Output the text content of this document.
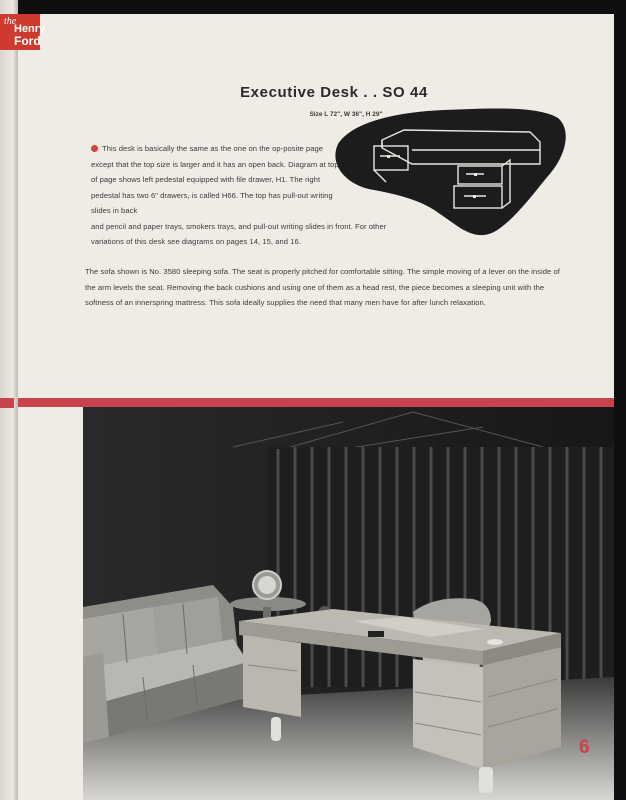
the
Henry
Ford
Executive Desk . . SO 44
Size L 72", W 36", H 29"

This desk is basically the same as the one on the op-posite page except that the top size is larger and it has an open back. Diagram at top of page shows left pedestal equipped with file drawer, H1. The right pedestal has two 6" drawers, is called H66. The top has pull-out writing slides in back
and pencil and paper trays, smokers trays, and pull-out writing slides in front. For other variations of this desk see diagrams on pages 14, 15, and 16.

The sofa shown is No. 3580 sleeping sofa. The seat is properly pitched for comfortable sitting. The simple moving of a lever on the inside of the arm levels the seat. Removing the back cushions and using one of them as a head rest, the piece becomes a sleeping unit with the softness of an innerspring mattress. This sofa ideally supplies the need that many men have for after lunch relaxation.

6
